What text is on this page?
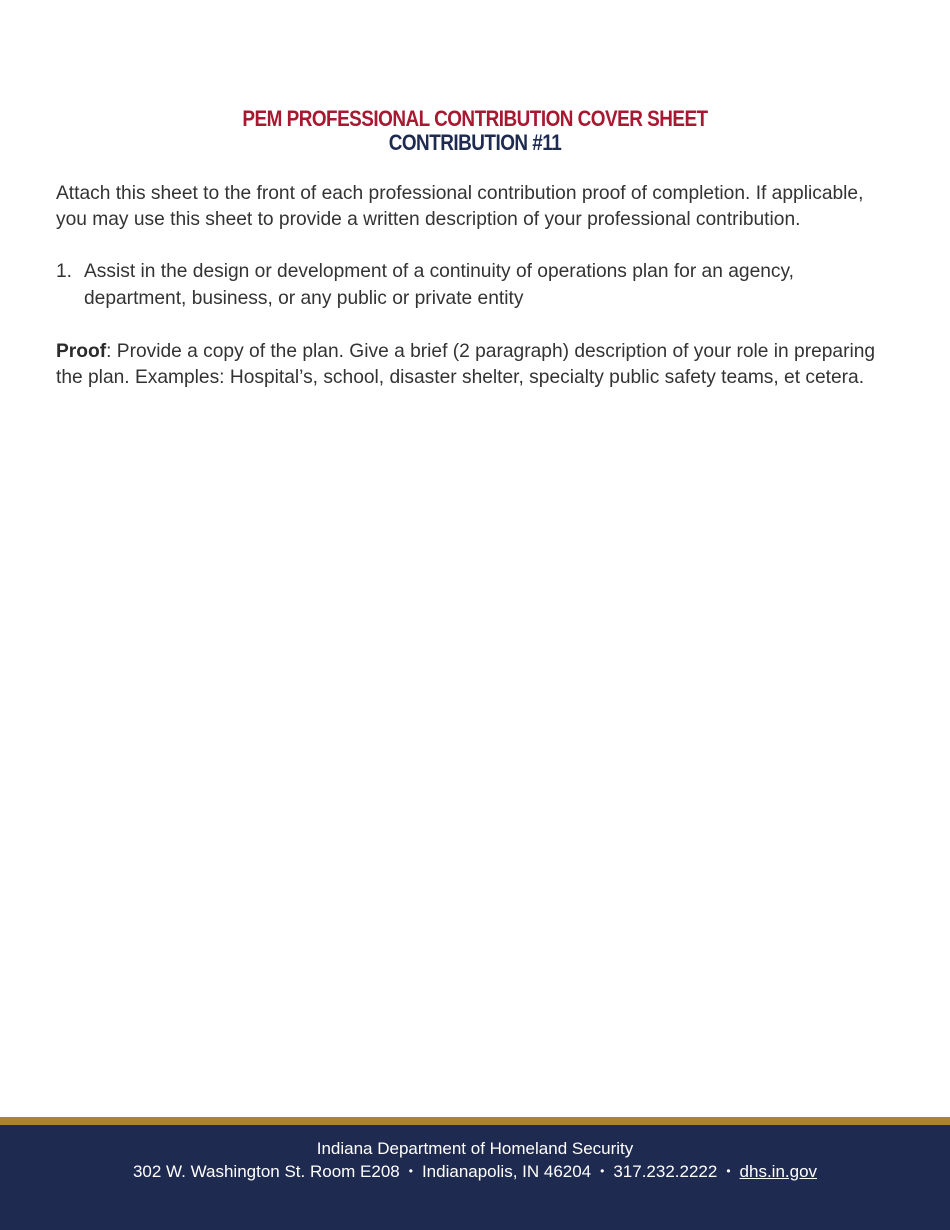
PEM PROFESSIONAL CONTRIBUTION COVER SHEET
CONTRIBUTION #11

Attach this sheet to the front of each professional contribution proof of completion. If applicable, you may use this sheet to provide a written description of your professional contribution.

1. Assist in the design or development of a continuity of operations plan for an agency, department, business, or any public or private entity

Proof: Provide a copy of the plan. Give a brief (2 paragraph) description of your role in preparing the plan. Examples: Hospital’s, school, disaster shelter, specialty public safety teams, et cetera.

Indiana Department of Homeland Security
302 W. Washington St. Room E208 • Indianapolis, IN 46204 • 317.232.2222 • dhs.in.gov
